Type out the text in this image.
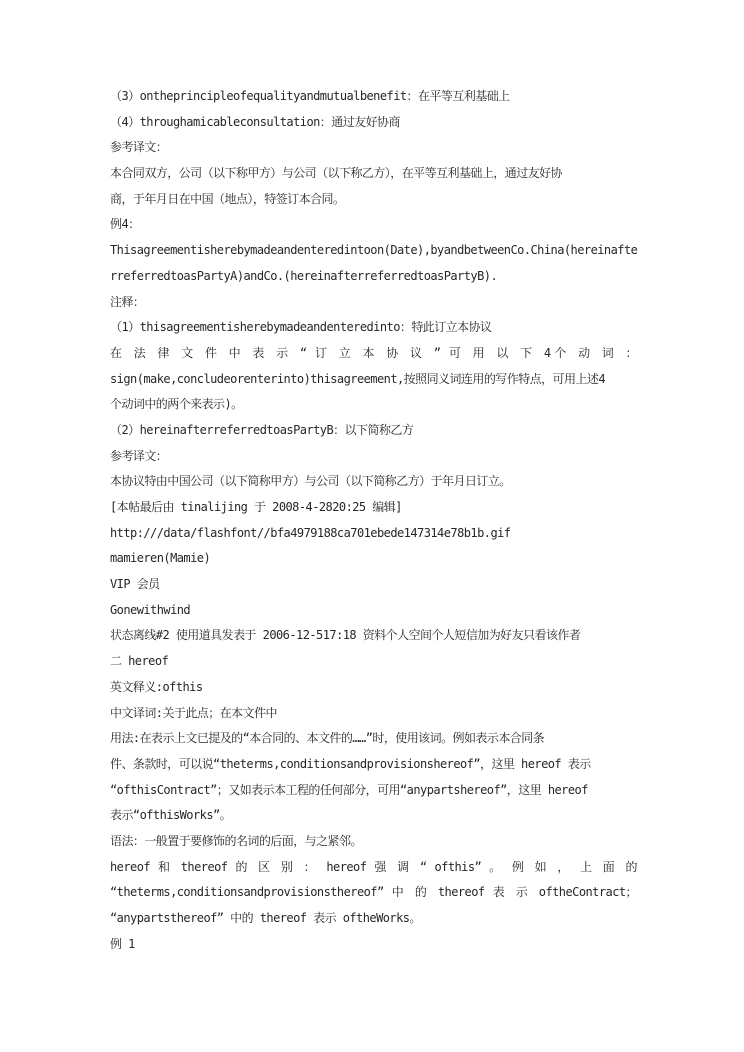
（3）ontheprincipleofequalityandmutualbenefit：在平等互利基础上

（4）throughamicableconsultation：通过友好协商

参考译文：

本合同双方，公司（以下称甲方）与公司（以下称乙方），在平等互利基础上，通过友好协

商，于年月日在中国（地点），特签订本合同。

例4：

Thisagreementisherebymadeandenteredintoon(Date),byandbetweenCo.China(hereinafte

rreferredtoasPartyA)andCo.(hereinafterreferredtoasPartyB).

注释：

（1）thisagreementisherebymadeandenteredinto：特此订立本协议

在 法 律 文 件 中 表 示 “ 订 立 本 协 议 ” 可 用 以 下 4个 动 词 ：

sign(make,concludeorenterinto)thisagreement,按照同义词连用的写作特点，可用上述4

个动词中的两个来表示)。

（2）hereinafterreferredtoasPartyB：以下简称乙方

参考译文：

本协议特由中国公司（以下简称甲方）与公司（以下简称乙方）于年月日订立。

[本帖最后由 tinalijing 于 2008-4-2820:25 编辑]

http:///data/flashfont//bfa4979188ca701ebede147314e78b1b.gif

mamieren(Mamie)

VIP 会员

Gonewithwind

状态离线#2 使用道具发表于 2006-12-517:18 资料个人空间个人短信加为好友只看该作者

二 hereof

英文释义:ofthis

中文译词:关于此点；在本文件中

用法:在表示上文已提及的“本合同的、本文件的……”时，使用该词。例如表示本合同条

件、条款时，可以说“theterms,conditionsandprovisionshereof”，这里 hereof 表示

“ofthisContract”；又如表示本工程的任何部分，可用“anypartshereof”，这里 hereof

表示“ofthisWorks”。

语法：一般置于要修饰的名词的后面，与之紧邻。

hereof 和 thereof 的 区 别 ： hereof 强 调 “ ofthis” 。 例 如 ， 上 面 的

“theterms,conditionsandprovisionsthereof” 中 的 thereof 表 示 oftheContract；

“anypartsthereof” 中的 thereof 表示 oftheWorks。

例 1
